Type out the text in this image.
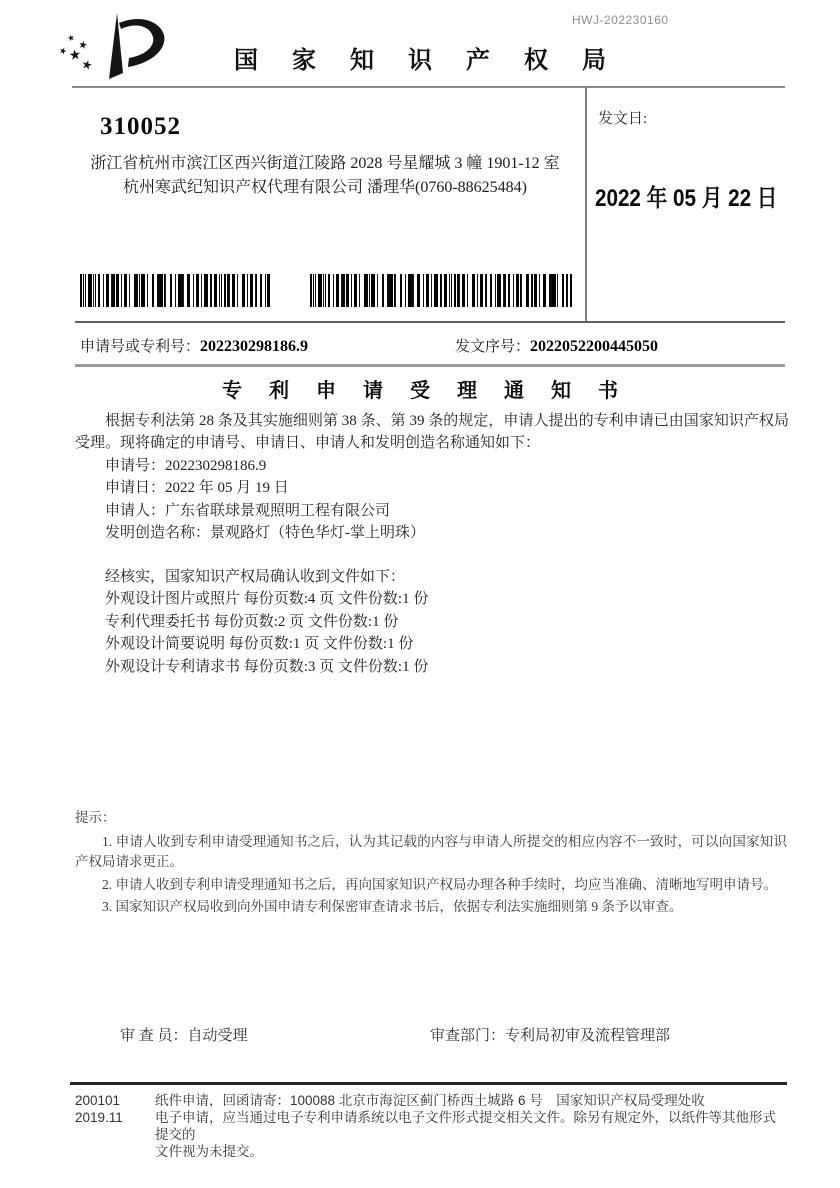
HWJ-202230160
国 家 知 识 产 权 局
310052
浙江省杭州市滨江区西兴街道江陵路 2028 号星耀城 3 幢 1901-12 室
杭州寒武纪知识产权代理有限公司 潘理华(0760-88625484)
发文日:
2022 年 05 月 22 日
申请号或专利号：202230298186.9	发文序号：2022052200445050
专 利 申 请 受 理 通 知 书
根据专利法第 28 条及其实施细则第 38 条、第 39 条的规定，申请人提出的专利申请已由国家知识产权局受理。现将确定的申请号、申请日、申请人和发明创造名称通知如下：
申请号：202230298186.9
申请日：2022 年 05 月 19 日
申请人：广东省联球景观照明工程有限公司
发明创造名称：景观路灯（特色华灯-掌上明珠）
经核实，国家知识产权局确认收到文件如下：
外观设计图片或照片 每份页数:4 页 文件份数:1 份
专利代理委托书 每份页数:2 页 文件份数:1 份
外观设计简要说明 每份页数:1 页 文件份数:1 份
外观设计专利请求书 每份页数:3 页 文件份数:1 份
提示：

1. 申请人收到专利申请受理通知书之后，认为其记载的内容与申请人所提交的相应内容不一致时，可以向国家知识产权局请求更正。

2. 申请人收到专利申请受理通知书之后，再向国家知识产权局办理各种手续时，均应当准确、清晰地写明申请号。

3. 国家知识产权局收到向外国申请专利保密审查请求书后，依据专利法实施细则第 9 条予以审查。

审 查 员：自动受理	审查部门：专利局初审及流程管理部
200101
2019.11
纸件申请，回函请寄：100088 北京市海淀区蓟门桥西土城路 6 号　国家知识产权局受理处收
电子申请，应当通过电子专利申请系统以电子文件形式提交相关文件。除另有规定外，以纸件等其他形式提交的
文件视为未提交。
